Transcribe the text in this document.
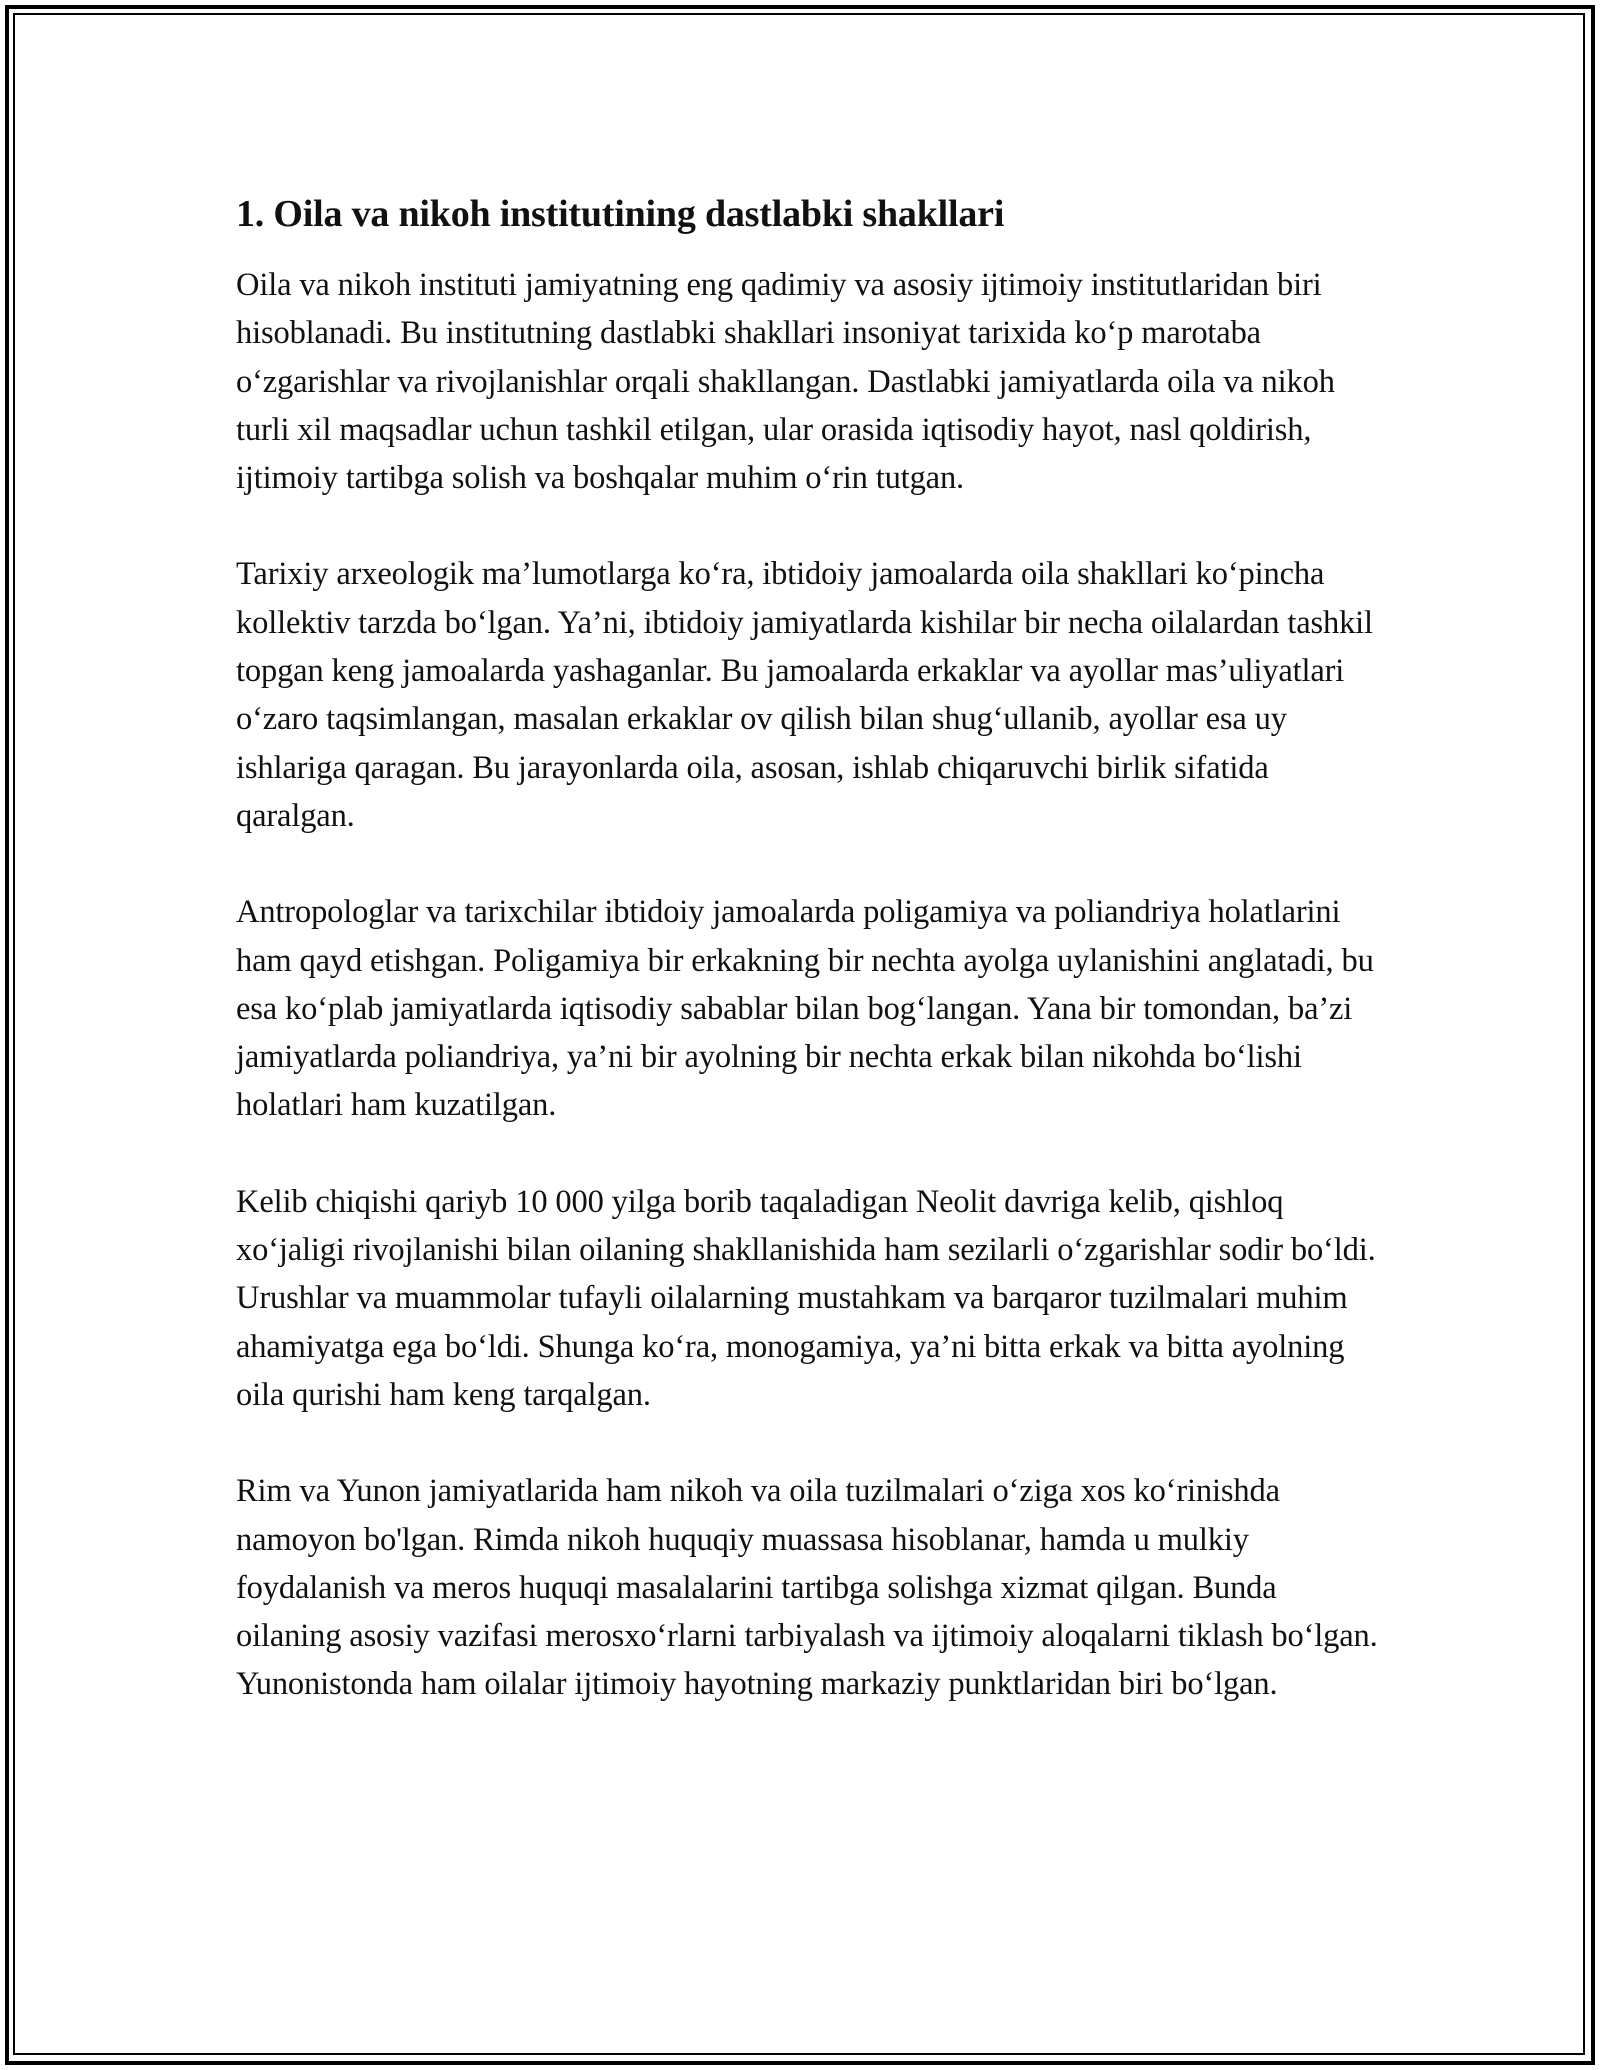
1. Oila va nikoh institutining dastlabki shakllari

Oila va nikoh instituti jamiyatning eng qadimiy va asosiy ijtimoiy institutlaridan biri hisoblanadi. Bu institutning dastlabki shakllari insoniyat tarixida ko‘p marotaba o‘zgarishlar va rivojlanishlar orqali shakllangan. Dastlabki jamiyatlarda oila va nikoh turli xil maqsadlar uchun tashkil etilgan, ular orasida iqtisodiy hayot, nasl qoldirish, ijtimoiy tartibga solish va boshqalar muhim o‘rin tutgan.

Tarixiy arxeologik ma’lumotlarga ko‘ra, ibtidoiy jamoalarda oila shakllari ko‘pincha kollektiv tarzda bo‘lgan. Ya’ni, ibtidoiy jamiyatlarda kishilar bir necha oilalardan tashkil topgan keng jamoalarda yashaganlar. Bu jamoalarda erkaklar va ayollar mas’uliyatlari o‘zaro taqsimlangan, masalan erkaklar ov qilish bilan shug‘ullanib, ayollar esa uy ishlariga qaragan. Bu jarayonlarda oila, asosan, ishlab chiqaruvchi birlik sifatida qaralgan.

Antropologlar va tarixchilar ibtidoiy jamoalarda poligamiya va poliandriya holatlarini ham qayd etishgan. Poligamiya bir erkakning bir nechta ayolga uylanishini anglatadi, bu esa ko‘plab jamiyatlarda iqtisodiy sabablar bilan bog‘langan. Yana bir tomondan, ba’zi jamiyatlarda poliandriya, ya’ni bir ayolning bir nechta erkak bilan nikohda bo‘lishi holatlari ham kuzatilgan.

Kelib chiqishi qariyb 10 000 yilga borib taqaladigan Neolit davriga kelib, qishloq xo‘jaligi rivojlanishi bilan oilaning shakllanishida ham sezilarli o‘zgarishlar sodir bo‘ldi. Urushlar va muammolar tufayli oilalarning mustahkam va barqaror tuzilmalari muhim ahamiyatga ega bo‘ldi. Shunga ko‘ra, monogamiya, ya’ni bitta erkak va bitta ayolning oila qurishi ham keng tarqalgan.

Rim va Yunon jamiyatlarida ham nikoh va oila tuzilmalari o‘ziga xos ko‘rinishda namoyon bo'lgan. Rimda nikoh huquqiy muassasa hisoblanar, hamda u mulkiy foydalanish va meros huquqi masalalarini tartibga solishga xizmat qilgan. Bunda oilaning asosiy vazifasi merosxo‘rlarni tarbiyalash va ijtimoiy aloqalarni tiklash bo‘lgan. Yunonistonda ham oilalar ijtimoiy hayotning markaziy punktlaridan biri bo‘lgan.
